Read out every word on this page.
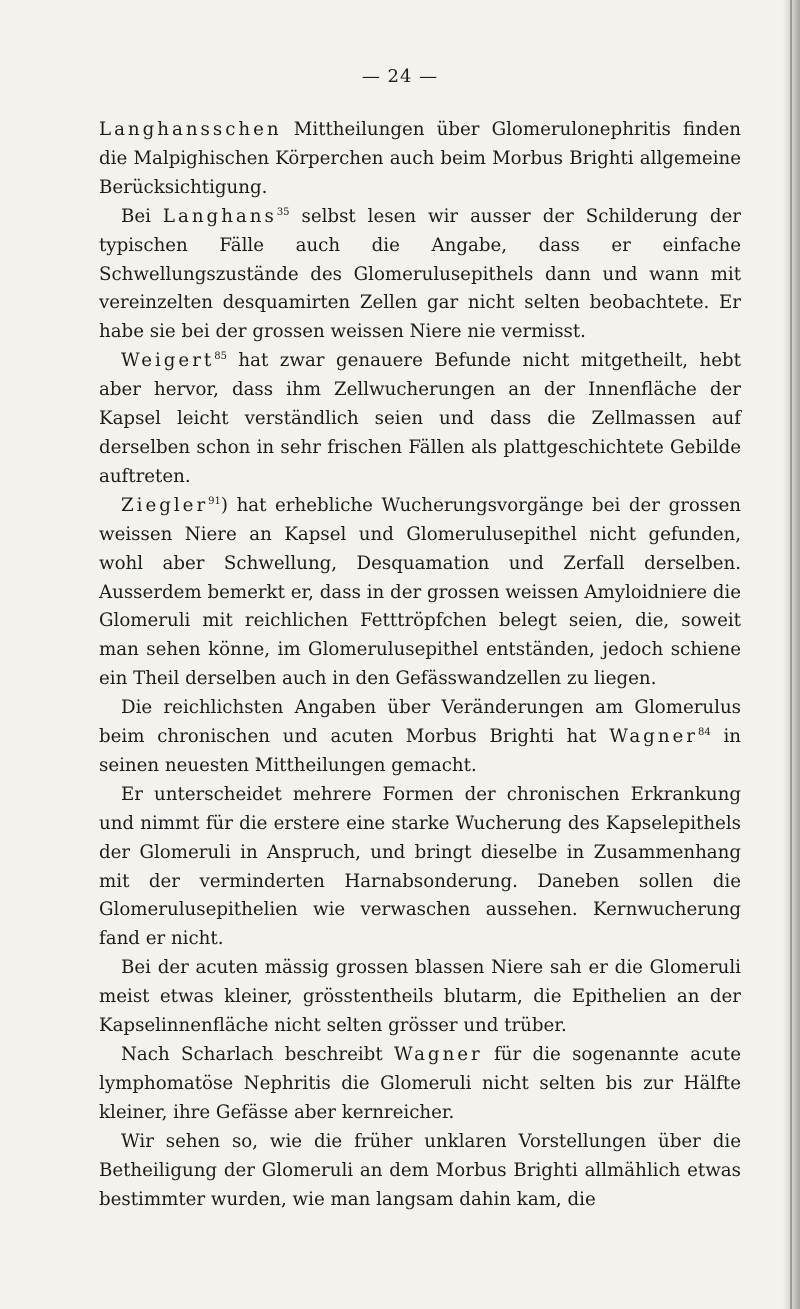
— 24 —

Langhansschen Mittheilungen über Glomerulonephritis finden die Malpighischen Körperchen auch beim Morbus Brighti allgemeine Berücksichtigung.

Bei Langhans$^{35}$ selbst lesen wir ausser der Schilderung der typischen Fälle auch die Angabe, dass er einfache Schwellungszustände des Glomerulusepithels dann und wann mit vereinzelten desquamirten Zellen gar nicht selten beobachtete. Er habe sie bei der grossen weissen Niere nie vermisst.

Weigert$^{85}$ hat zwar genauere Befunde nicht mitgetheilt, hebt aber hervor, dass ihm Zellwucherungen an der Innenfläche der Kapsel leicht verständlich seien und dass die Zellmassen auf derselben schon in sehr frischen Fällen als plattgeschichtete Gebilde auftreten.

Ziegler$^{91}$) hat erhebliche Wucherungsvorgänge bei der grossen weissen Niere an Kapsel und Glomerulusepithel nicht gefunden, wohl aber Schwellung, Desquamation und Zerfall derselben. Ausserdem bemerkt er, dass in der grossen weissen Amyloidniere die Glomeruli mit reichlichen Fetttröpfchen belegt seien, die, soweit man sehen könne, im Glomerulusepithel entständen, jedoch schiene ein Theil derselben auch in den Gefässwandzellen zu liegen.

Die reichlichsten Angaben über Veränderungen am Glomerulus beim chronischen und acuten Morbus Brighti hat Wagner$^{84}$ in seinen neuesten Mittheilungen gemacht.

Er unterscheidet mehrere Formen der chronischen Erkrankung und nimmt für die erstere eine starke Wucherung des Kapselepithels der Glomeruli in Anspruch, und bringt dieselbe in Zusammenhang mit der verminderten Harnabsonderung. Daneben sollen die Glomerulusepithelien wie verwaschen aussehen. Kernwucherung fand er nicht.

Bei der acuten mässig grossen blassen Niere sah er die Glomeruli meist etwas kleiner, grösstentheils blutarm, die Epithelien an der Kapselinnenfläche nicht selten grösser und trüber.

Nach Scharlach beschreibt Wagner für die sogenannte acute lymphomatöse Nephritis die Glomeruli nicht selten bis zur Hälfte kleiner, ihre Gefässe aber kernreicher.

Wir sehen so, wie die früher unklaren Vorstellungen über die Betheiligung der Glomeruli an dem Morbus Brighti allmählich etwas bestimmter wurden, wie man langsam dahin kam, die
